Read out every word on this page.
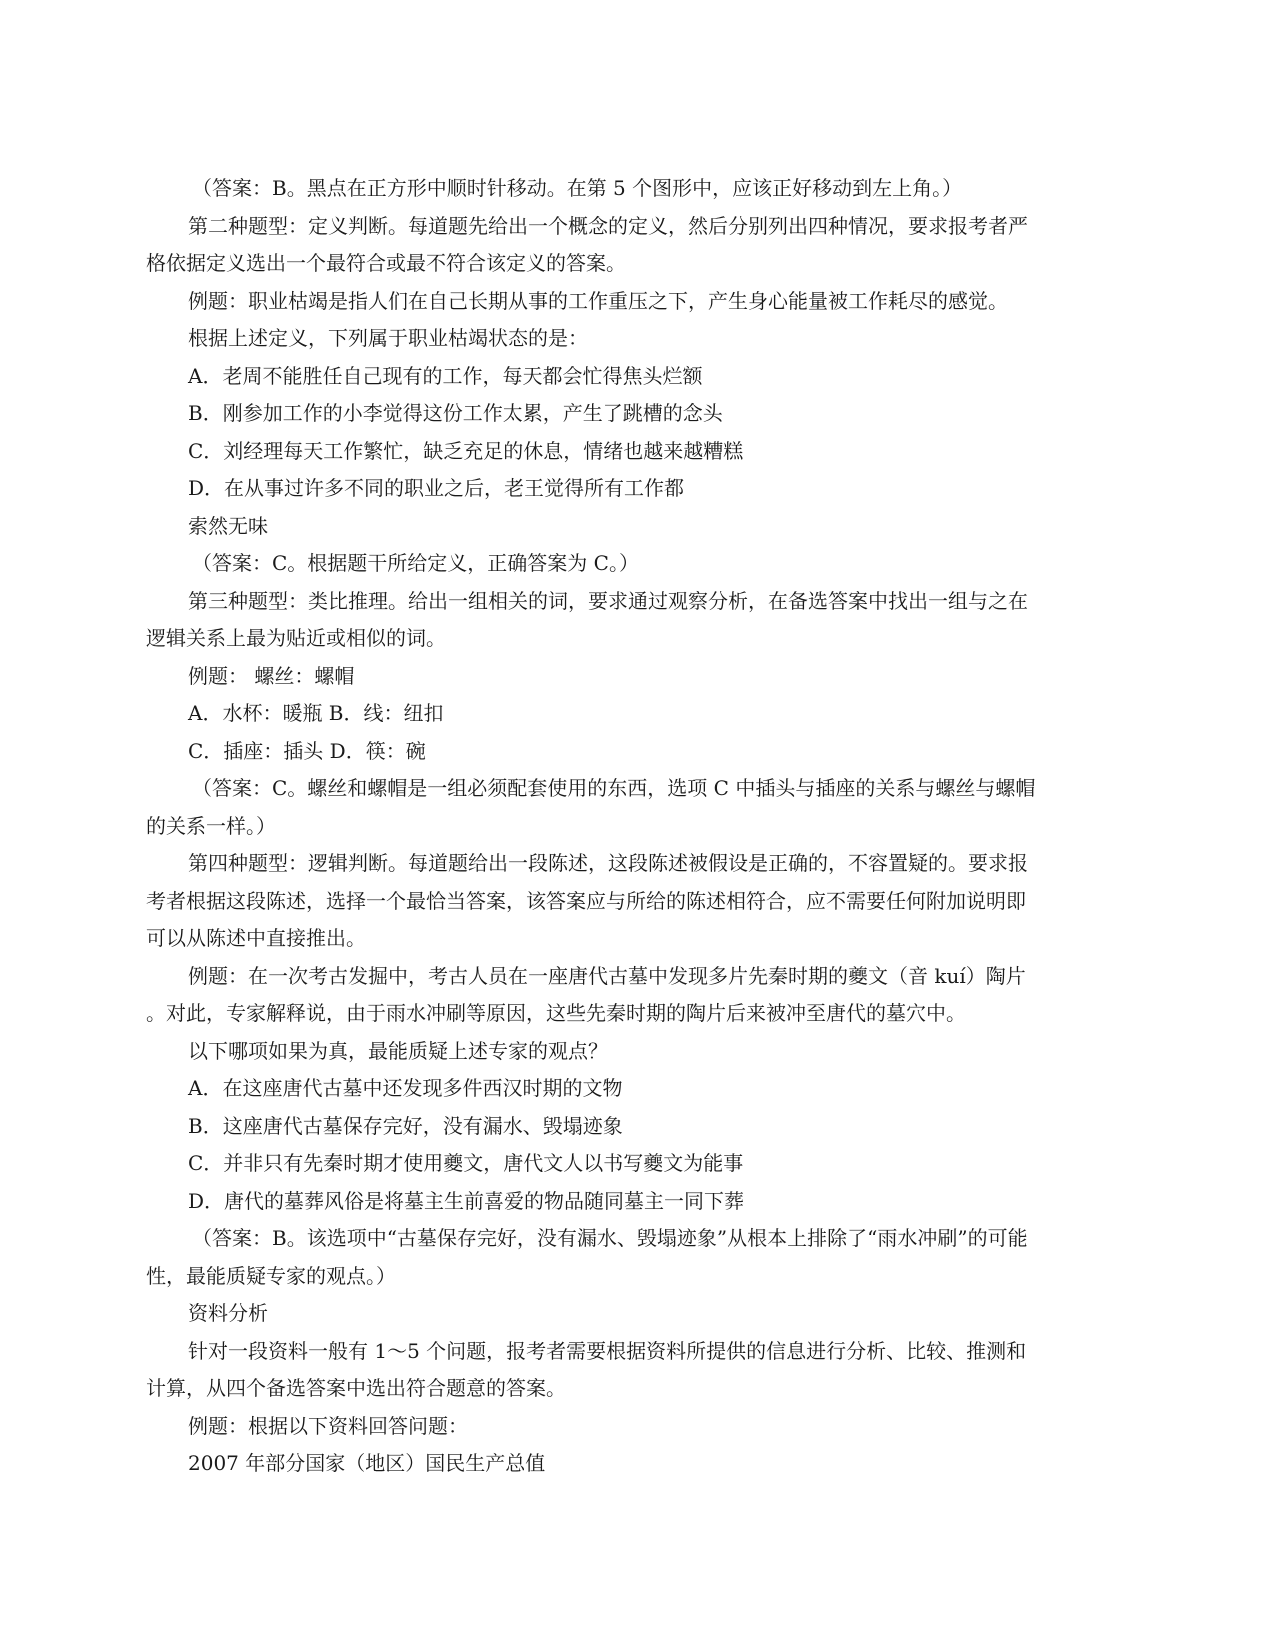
（答案：B。黑点在正方形中顺时针移动。在第 5 个图形中，应该正好移动到左上角。）
第二种题型：定义判断。每道题先给出一个概念的定义，然后分别列出四种情况，要求报考者严
格依据定义选出一个最符合或最不符合该定义的答案。
例题：职业枯竭是指人们在自己长期从事的工作重压之下，产生身心能量被工作耗尽的感觉。
根据上述定义，下列属于职业枯竭状态的是：
A．老周不能胜任自己现有的工作，每天都会忙得焦头烂额
B．刚参加工作的小李觉得这份工作太累，产生了跳槽的念头
C．刘经理每天工作繁忙，缺乏充足的休息，情绪也越来越糟糕
D．在从事过许多不同的职业之后，老王觉得所有工作都
索然无味
（答案：C。根据题干所给定义，正确答案为 C。）
第三种题型：类比推理。给出一组相关的词，要求通过观察分析，在备选答案中找出一组与之在
逻辑关系上最为贴近或相似的词。
例题： 螺丝：螺帽
A．水杯：暖瓶 B．线：纽扣
C．插座：插头 D．筷：碗
（答案：C。螺丝和螺帽是一组必须配套使用的东西，选项 C 中插头与插座的关系与螺丝与螺帽
的关系一样。）
第四种题型：逻辑判断。每道题给出一段陈述，这段陈述被假设是正确的，不容置疑的。要求报
考者根据这段陈述，选择一个最恰当答案，该答案应与所给的陈述相符合，应不需要任何附加说明即
可以从陈述中直接推出。
例题：在一次考古发掘中，考古人员在一座唐代古墓中发现多片先秦时期的夔文（音 kuí）陶片
。对此，专家解释说，由于雨水冲刷等原因，这些先秦时期的陶片后来被冲至唐代的墓穴中。
以下哪项如果为真，最能质疑上述专家的观点？
A．在这座唐代古墓中还发现多件西汉时期的文物
B．这座唐代古墓保存完好，没有漏水、毁塌迹象
C．并非只有先秦时期才使用夔文，唐代文人以书写夔文为能事
D．唐代的墓葬风俗是将墓主生前喜爱的物品随同墓主一同下葬
（答案：B。该选项中“古墓保存完好，没有漏水、毁塌迹象”从根本上排除了“雨水冲刷”的可能
性，最能质疑专家的观点。）
资料分析
针对一段资料一般有 1～5 个问题，报考者需要根据资料所提供的信息进行分析、比较、推测和
计算，从四个备选答案中选出符合题意的答案。
例题：根据以下资料回答问题：
2007 年部分国家（地区）国民生产总值
